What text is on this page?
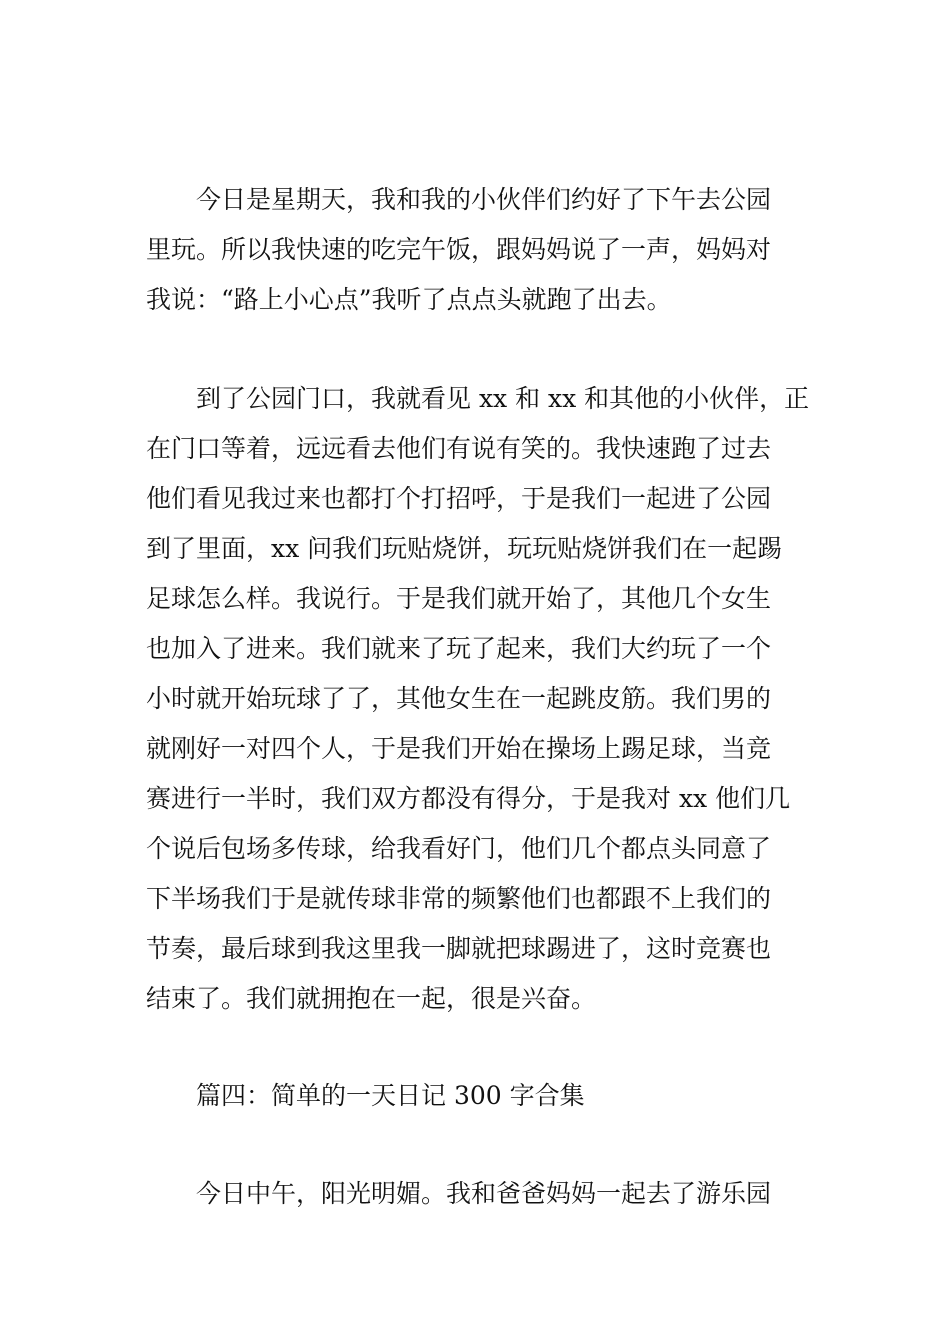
今日是星期天，我和我的小伙伴们约好了下午去公园
里玩。所以我快速的吃完午饭，跟妈妈说了一声，妈妈对
我说：“路上小心点”我听了点点头就跑了出去。
到了公园门口，我就看见 xx 和 xx 和其他的小伙伴，正
在门口等着，远远看去他们有说有笑的。我快速跑了过去
他们看见我过来也都打个打招呼，于是我们一起进了公园
到了里面，xx 问我们玩贴烧饼，玩玩贴烧饼我们在一起踢
足球怎么样。我说行。于是我们就开始了，其他几个女生
也加入了进来。我们就来了玩了起来，我们大约玩了一个
小时就开始玩球了了，其他女生在一起跳皮筋。我们男的
就刚好一对四个人，于是我们开始在操场上踢足球，当竞
赛进行一半时，我们双方都没有得分，于是我对 xx 他们几
个说后包场多传球，给我看好门，他们几个都点头同意了
下半场我们于是就传球非常的频繁他们也都跟不上我们的
节奏，最后球到我这里我一脚就把球踢进了，这时竞赛也
结束了。我们就拥抱在一起，很是兴奋。
篇四：简单的一天日记 300 字合集
今日中午，阳光明媚。我和爸爸妈妈一起去了游乐园
